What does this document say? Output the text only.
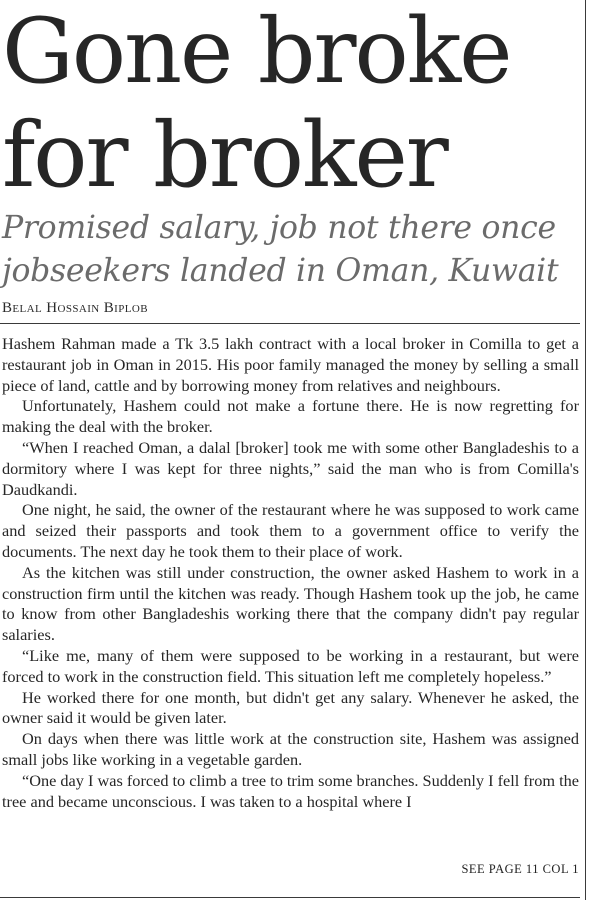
Gone broke
for broker
Promised salary, job not there once
jobseekers landed in Oman, Kuwait
Belal Hossain Biplob

Hashem Rahman made a Tk 3.5 lakh contract with a local broker in Comilla to get a restaurant job in Oman in 2015. His poor family managed the money by selling a small piece of land, cattle and by borrowing money from relatives and neighbours.

Unfortunately, Hashem could not make a fortune there. He is now regretting for making the deal with the broker.

“When I reached Oman, a dalal [broker] took me with some other Bangladeshis to a dormitory where I was kept for three nights,” said the man who is from Comilla's Daudkandi.

One night, he said, the owner of the restaurant where he was supposed to work came and seized their passports and took them to a government office to verify the documents. The next day he took them to their place of work.

As the kitchen was still under construction, the owner asked Hashem to work in a construction firm until the kitchen was ready. Though Hashem took up the job, he came to know from other Bangladeshis working there that the company didn't pay regular salaries.

“Like me, many of them were supposed to be working in a restaurant, but were forced to work in the construction field. This situation left me completely hopeless.”

He worked there for one month, but didn't get any salary. Whenever he asked, the owner said it would be given later.

On days when there was little work at the construction site, Hashem was assigned small jobs like working in a vegetable garden.

“One day I was forced to climb a tree to trim some branches. Suddenly I fell from the tree and became unconscious. I was taken to a hospital where I

SEE PAGE 11 COL 1
